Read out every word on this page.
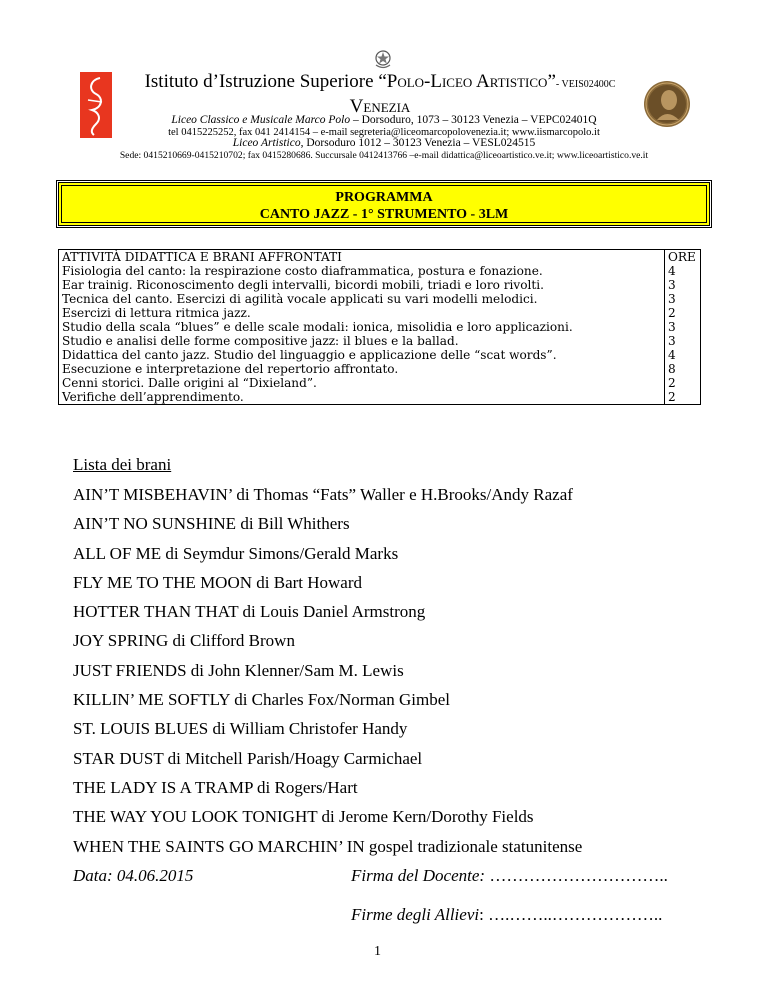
Istituto d’Istruzione Superiore “Polo-Liceo Artistico”- VEIS02400C
Venezia
Liceo Classico e Musicale Marco Polo – Dorsoduro, 1073 – 30123 Venezia – VEPC02401Q
tel 0415225252, fax 041 2414154 – e-mail segreteria@liceomarcopolovenezia.it; www.iismarcopolo.it
Liceo Artistico, Dorsoduro 1012 – 30123 Venezia – VESL024515
Sede: 0415210669-0415210702; fax 0415280686. Succursale 0412413766 –e-mail didattica@liceoartistico.ve.it; www.liceoartistico.ve.it
PROGRAMMA
CANTO JAZZ - 1° STRUMENTO - 3LM
ATTIVITÀ DIDATTICA E BRANI AFFRONTATI	ORE
Fisiologia del canto: la respirazione costo diaframmatica, postura e fonazione.	4
Ear trainig. Riconoscimento degli intervalli, bicordi mobili, triadi e loro rivolti.	3
Tecnica del canto. Esercizi di agilità vocale applicati su vari modelli melodici.	3
Esercizi di lettura ritmica jazz.	2
Studio della scala “blues” e delle scale modali: ionica, misolidia e loro applicazioni.	3
Studio e analisi delle forme compositive jazz: il blues e la ballad.	3
Didattica del canto jazz. Studio del linguaggio e applicazione delle “scat words”.	4
Esecuzione e interpretazione del repertorio affrontato.	8
Cenni storici. Dalle origini al “Dixieland”.	2
Verifiche dell’apprendimento.	2
Lista dei brani
AIN’T MISBEHAVIN’ di Thomas “Fats” Waller e H.Brooks/Andy Razaf
AIN’T NO SUNSHINE di Bill Whithers
ALL OF ME di Seymdur Simons/Gerald Marks
FLY ME TO THE MOON di Bart Howard
HOTTER THAN THAT di Louis Daniel Armstrong
JOY SPRING di Clifford Brown
JUST FRIENDS di John Klenner/Sam M. Lewis
KILLIN’ ME SOFTLY di Charles Fox/Norman Gimbel
ST. LOUIS BLUES di William Christofer Handy
STAR DUST di Mitchell Parish/Hoagy Carmichael
THE LADY IS A TRAMP di Rogers/Hart
THE WAY YOU LOOK TONIGHT di Jerome Kern/Dorothy Fields
WHEN THE SAINTS GO MARCHIN’ IN gospel tradizionale statunitense
Data: 04.06.2015	Firma del Docente: …………………………..
Firme degli Allievi: ….……..………………..
1
